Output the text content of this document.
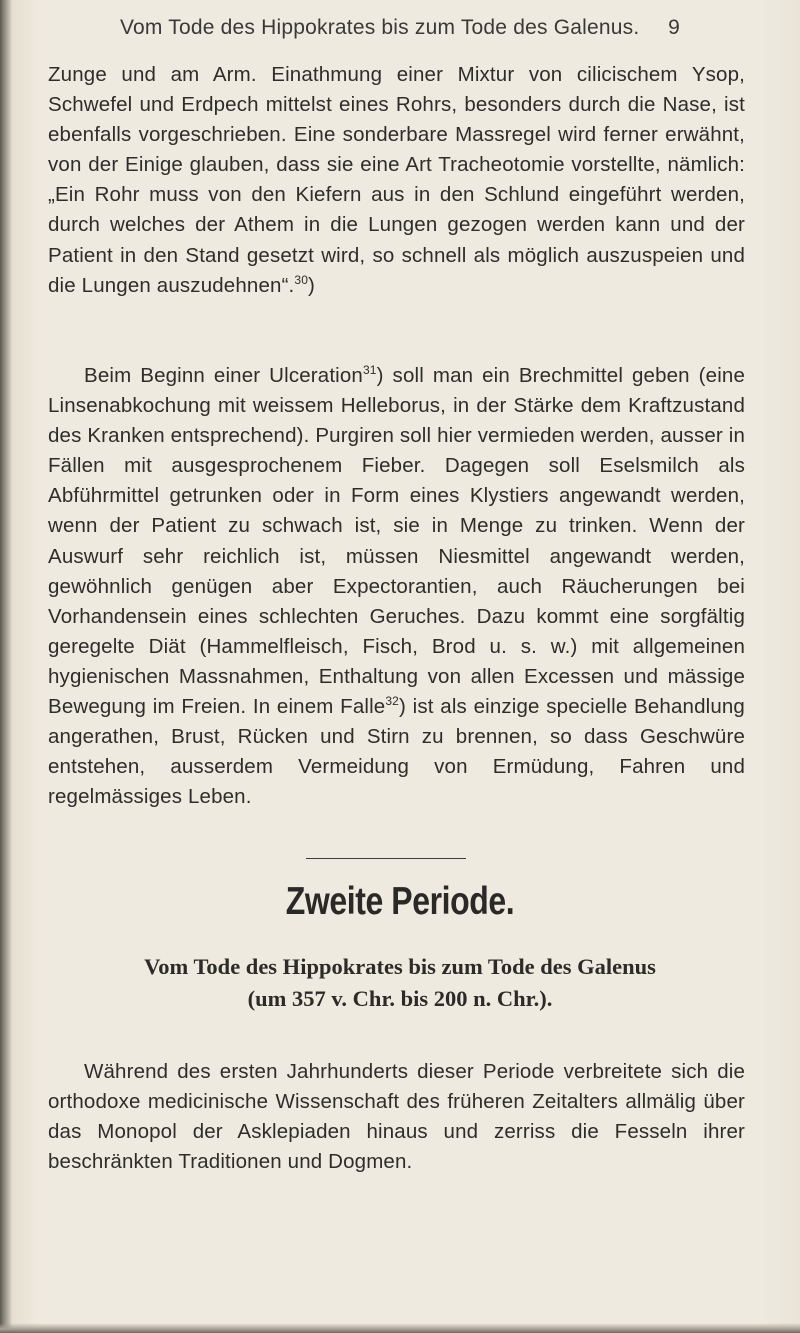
Vom Tode des Hippokrates bis zum Tode des Galenus. 9

Zunge und am Arm. Einathmung einer Mixtur von cilicischem Ysop, Schwefel und Erdpech mittelst eines Rohrs, besonders durch die Nase, ist ebenfalls vorgeschrieben. Eine sonderbare Massregel wird ferner erwähnt, von der Einige glauben, dass sie eine Art Tracheotomie vorstellte, nämlich: „Ein Rohr muss von den Kiefern aus in den Schlund eingeführt werden, durch welches der Athem in die Lungen gezogen werden kann und der Patient in den Stand gesetzt wird, so schnell als möglich auszuspeien und die Lungen auszudehnen“.$^{30}$)

Beim Beginn einer Ulceration$^{31}$) soll man ein Brechmittel geben (eine Linsenabkochung mit weissem Helleborus, in der Stärke dem Kraftzustand des Kranken entsprechend). Purgiren soll hier vermieden werden, ausser in Fällen mit ausgesprochenem Fieber. Dagegen soll Eselsmilch als Abführmittel getrunken oder in Form eines Klystiers angewandt werden, wenn der Patient zu schwach ist, sie in Menge zu trinken. Wenn der Auswurf sehr reichlich ist, müssen Niesmittel angewandt werden, gewöhnlich genügen aber Expectorantien, auch Räucherungen bei Vorhandensein eines schlechten Geruches. Dazu kommt eine sorgfältig geregelte Diät (Hammelfleisch, Fisch, Brod u. s. w.) mit allgemeinen hygienischen Massnahmen, Enthaltung von allen Excessen und mässige Bewegung im Freien. In einem Falle$^{32}$) ist als einzige specielle Behandlung angerathen, Brust, Rücken und Stirn zu brennen, so dass Geschwüre entstehen, ausserdem Vermeidung von Ermüdung, Fahren und regelmässiges Leben.

Zweite Periode.
Vom Tode des Hippokrates bis zum Tode des Galenus
(um 357 v. Chr. bis 200 n. Chr.).

Während des ersten Jahrhunderts dieser Periode verbreitete sich die orthodoxe medicinische Wissenschaft des früheren Zeitalters allmälig über das Monopol der Asklepiaden hinaus und zerriss die Fesseln ihrer beschränkten Traditionen und Dogmen.
